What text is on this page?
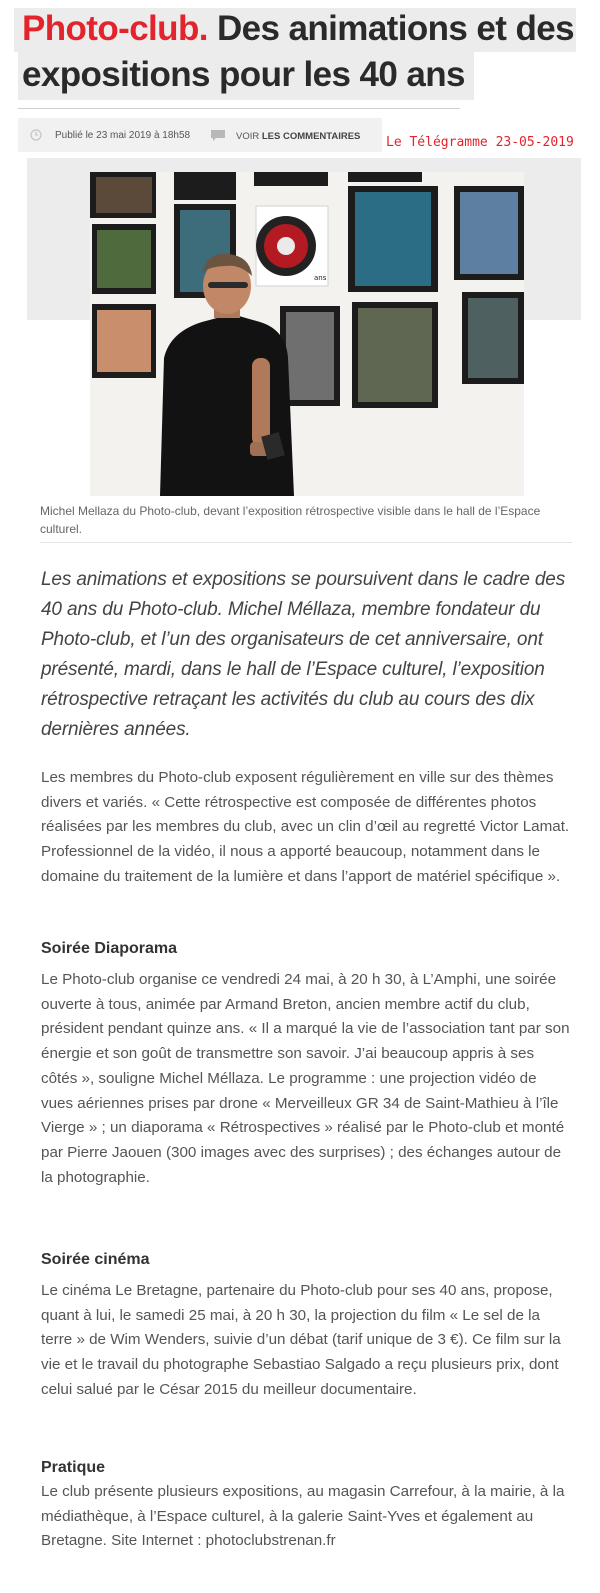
Photo-club. Des animations et des
expositions pour les 40 ans
Publié le 23 mai 2019 à 18h58	VOIR LES COMMENTAIRES Le Télégramme 23-05-2019
ans

Michel Mellaza du Photo-club, devant l’exposition rétrospective visible dans le hall de l’Espace culturel.

Les animations et expositions se poursuivent dans le cadre des 40 ans du Photo-club. Michel Méllaza, membre fondateur du Photo-club, et l’un des organisateurs de cet anniversaire, ont présenté, mardi, dans le hall de l’Espace culturel, l’exposition rétrospective retraçant les activités du club au cours des dix dernières années.

Les membres du Photo-club exposent régulièrement en ville sur des thèmes divers et variés. « Cette rétrospective est composée de différentes photos réalisées par les membres du club, avec un clin d’œil au regretté Victor Lamat. Professionnel de la vidéo, il nous a apporté beaucoup, notamment dans le domaine du traitement de la lumière et dans l’apport de matériel spécifique ».

Soirée Diaporama

Le Photo-club organise ce vendredi 24 mai, à 20 h 30, à L’Amphi, une soirée ouverte à tous, animée par Armand Breton, ancien membre actif du club, président pendant quinze ans. « Il a marqué la vie de l’association tant par son énergie et son goût de transmettre son savoir. J’ai beaucoup appris à ses côtés », souligne Michel Méllaza. Le programme : une projection vidéo de vues aériennes prises par drone « Merveilleux GR 34 de Saint-Mathieu à l’île Vierge » ; un diaporama « Rétrospectives » réalisé par le Photo-club et monté par Pierre Jaouen (300 images avec des surprises) ; des échanges autour de la photographie.

Soirée cinéma

Le cinéma Le Bretagne, partenaire du Photo-club pour ses 40 ans, propose, quant à lui, le samedi 25 mai, à 20 h 30, la projection du film « Le sel de la terre » de Wim Wenders, suivie d’un débat (tarif unique de 3 €). Ce film sur la vie et le travail du photographe Sebastiao Salgado a reçu plusieurs prix, dont celui salué par le César 2015 du meilleur documentaire.

Pratique

Le club présente plusieurs expositions, au magasin Carrefour, à la mairie, à la médiathèque, à l’Espace culturel, à la galerie Saint-Yves et également au Bretagne. Site Internet : photoclubstrenan.fr
